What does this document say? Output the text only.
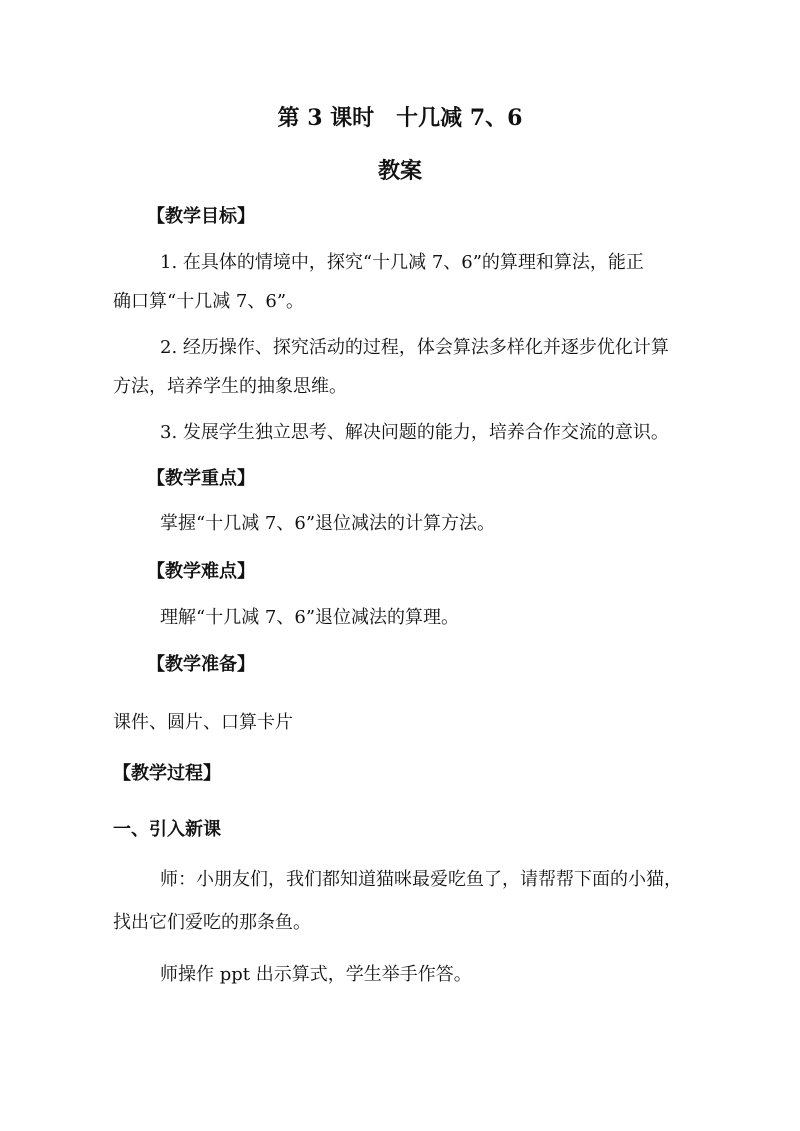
第 3 课时 十几减 7、6
教案
【教学目标】
1. 在具体的情境中，探究“十几减 7、6”的算理和算法，能正
确口算“十几减 7、6”。
2. 经历操作、探究活动的过程，体会算法多样化并逐步优化计算
方法，培养学生的抽象思维。
3. 发展学生独立思考、解决问题的能力，培养合作交流的意识。
【教学重点】
掌握“十几减 7、6”退位减法的计算方法。
【教学难点】
理解“十几减 7、6”退位减法的算理。
【教学准备】
课件、圆片、口算卡片
【教学过程】
一、引入新课
师：小朋友们，我们都知道猫咪最爱吃鱼了，请帮帮下面的小猫，
找出它们爱吃的那条鱼。
师操作 ppt 出示算式，学生举手作答。
